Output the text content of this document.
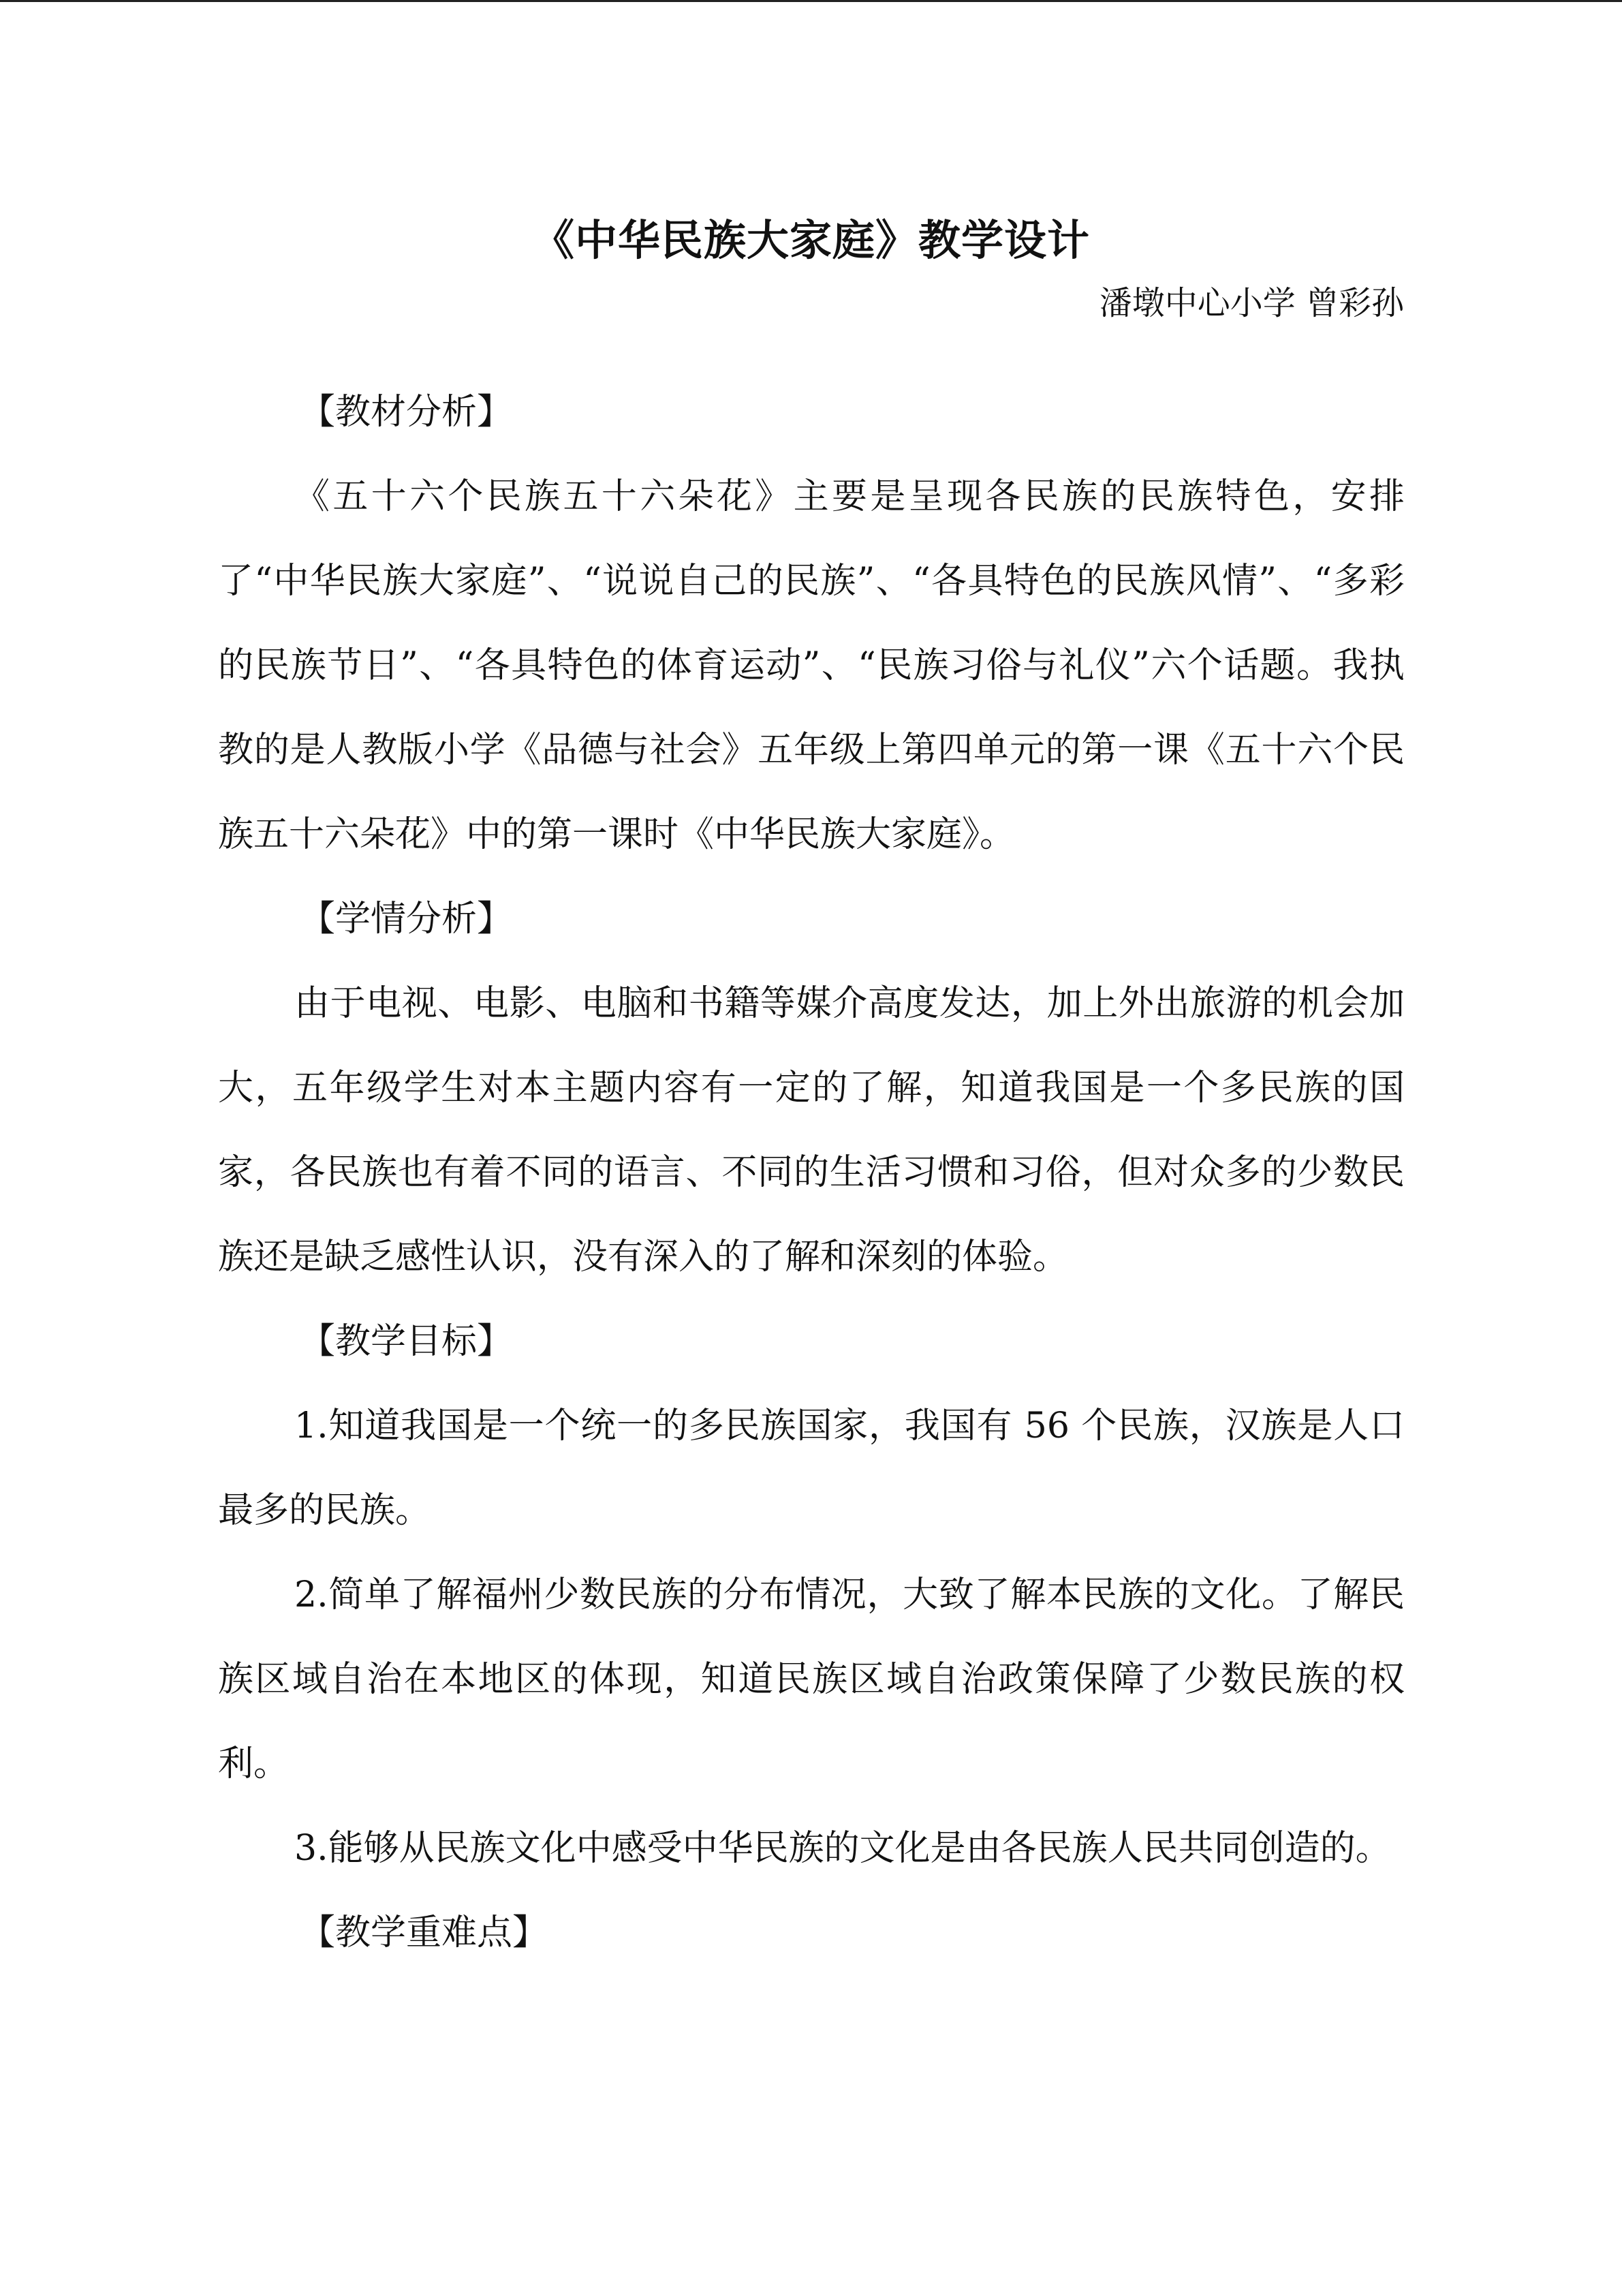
《中华民族大家庭》教学设计
潘墩中心小学 曾彩孙
【教材分析】

《五十六个民族五十六朵花》主要是呈现各民族的民族特色，安排了“中华民族大家庭”、“说说自己的民族”、“各具特色的民族风情”、“多彩的民族节日”、“各具特色的体育运动”、“民族习俗与礼仪”六个话题。我执教的是人教版小学《品德与社会》五年级上第四单元的第一课《五十六个民族五十六朵花》中的第一课时《中华民族大家庭》。

【学情分析】

由于电视、电影、电脑和书籍等媒介高度发达，加上外出旅游的机会加大，五年级学生对本主题内容有一定的了解，知道我国是一个多民族的国家，各民族也有着不同的语言、不同的生活习惯和习俗，但对众多的少数民族还是缺乏感性认识，没有深入的了解和深刻的体验。

【教学目标】

1.知道我国是一个统一的多民族国家，我国有 56 个民族，汉族是人口最多的民族。

2.简单了解福州少数民族的分布情况，大致了解本民族的文化。了解民族区域自治在本地区的体现，知道民族区域自治政策保障了少数民族的权利。

3.能够从民族文化中感受中华民族的文化是由各民族人民共同创造的。

【教学重难点】
